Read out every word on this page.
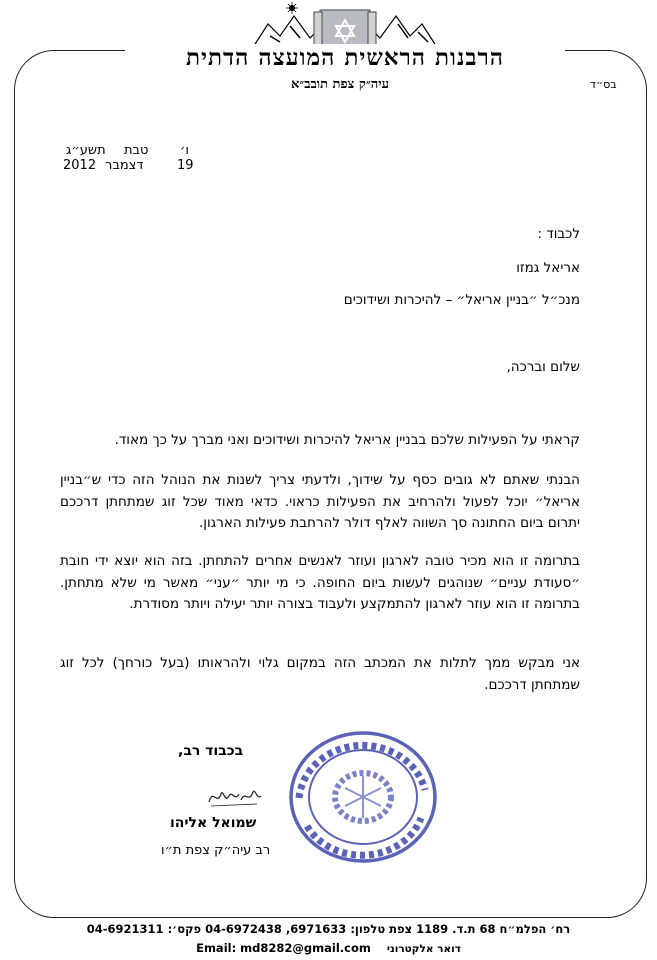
הרבנות הראשית המועצה הדתית
עיה״ק צפת תובב״א	בס״ד
ו׳
טבת
תשע״ג
19
דצמבר
2012
לכבוד :
אריאל גמזו
מנכ״ל ״בניין אריאל״ – להיכרות ושידוכים
שלום וברכה,
קראתי על הפעילות שלכם בבניין אריאל להיכרות ושידוכים ואני מברך על כך מאוד.
הבנתי שאתם לא גובים כסף על שידוך, ולדעתי צריך לשנות את הנוהל הזה כדי ש״בניין אריאל״ יוכל לפעול ולהרחיב את הפעילות כראוי. כדאי מאוד שכל זוג שמתחתן דרככם יתרום ביום החתונה סך השווה לאלף דולר להרחבת פעילות הארגון.
בתרומה זו הוא מכיר טובה לארגון ועוזר לאנשים אחרים להתחתן. בזה הוא יוצא ידי חובת ״סעודת עניים״ שנוהגים לעשות ביום החופה. כי מי יותר ״עני״ מאשר מי שלא מתחתן. בתרומה זו הוא עוזר לארגון להתמקצע ולעבוד בצורה יותר יעילה ויותר מסודרת.
אני מבקש ממך לתלות את המכתב הזה במקום גלוי ולהראותו (בעל כורחך) לכל זוג שמתחתן דרככם.
בכבוד רב,
שמואל אליהו
רב עיה״ק צפת ת״ו
רח׳ הפלמ״ח 68 ת.ד. 1189 צפת טלפון: 6971633, 04-6972438 פקס׳: 04-6921311
Email: md8282@gmail.com דואר אלקטרוני
